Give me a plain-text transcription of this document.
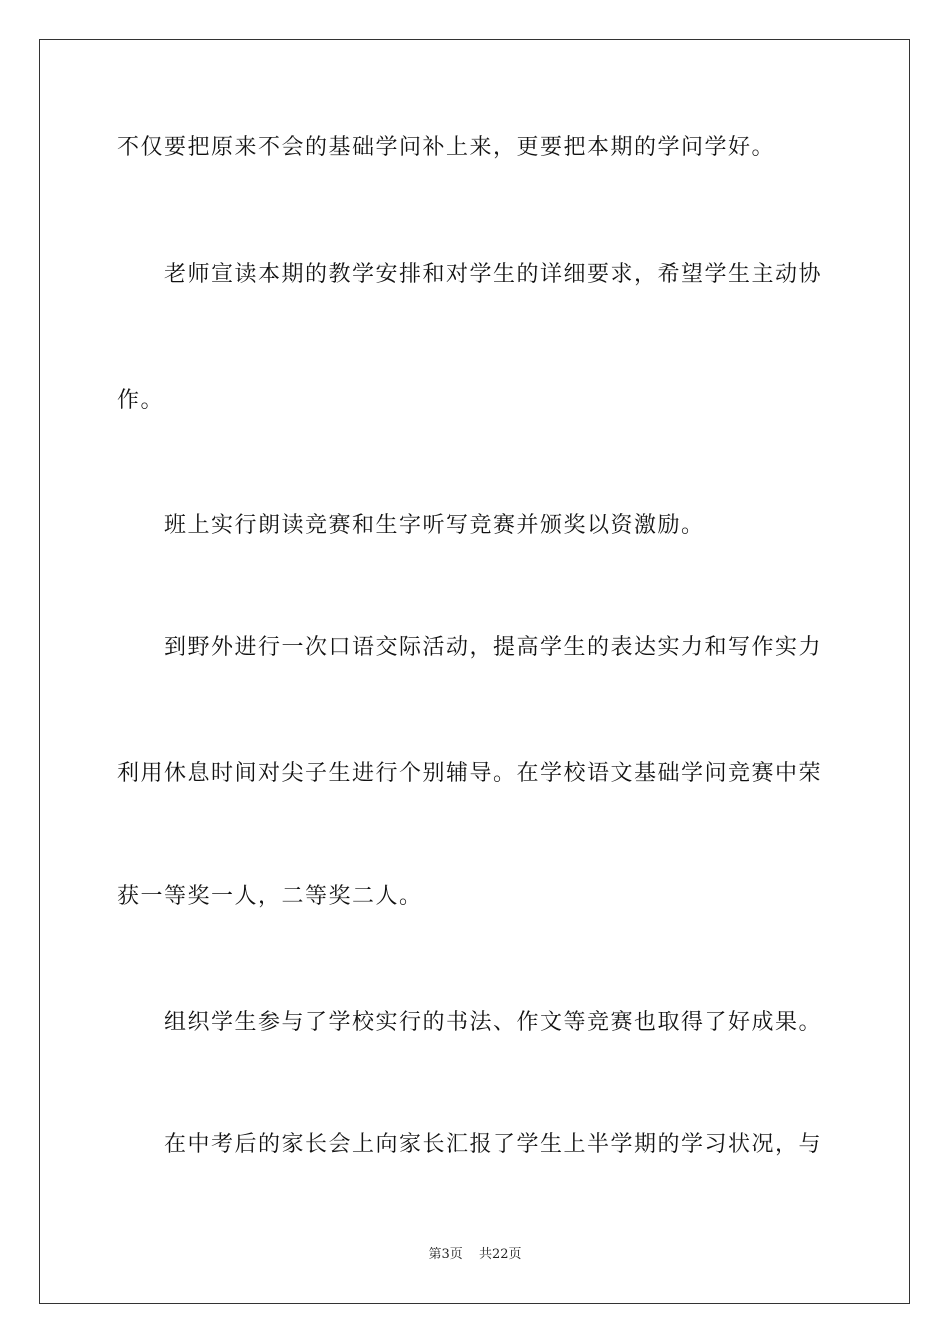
不仅要把原来不会的基础学问补上来，更要把本期的学问学好。
老师宣读本期的教学安排和对学生的详细要求，希望学生主动协
作。
班上实行朗读竞赛和生字听写竞赛并颁奖以资激励。
到野外进行一次口语交际活动，提高学生的表达实力和写作实力
利用休息时间对尖子生进行个别辅导。在学校语文基础学问竞赛中荣
获一等奖一人，二等奖二人。
组织学生参与了学校实行的书法、作文等竞赛也取得了好成果。
在中考后的家长会上向家长汇报了学生上半学期的学习状况，与
第3页 共22页
